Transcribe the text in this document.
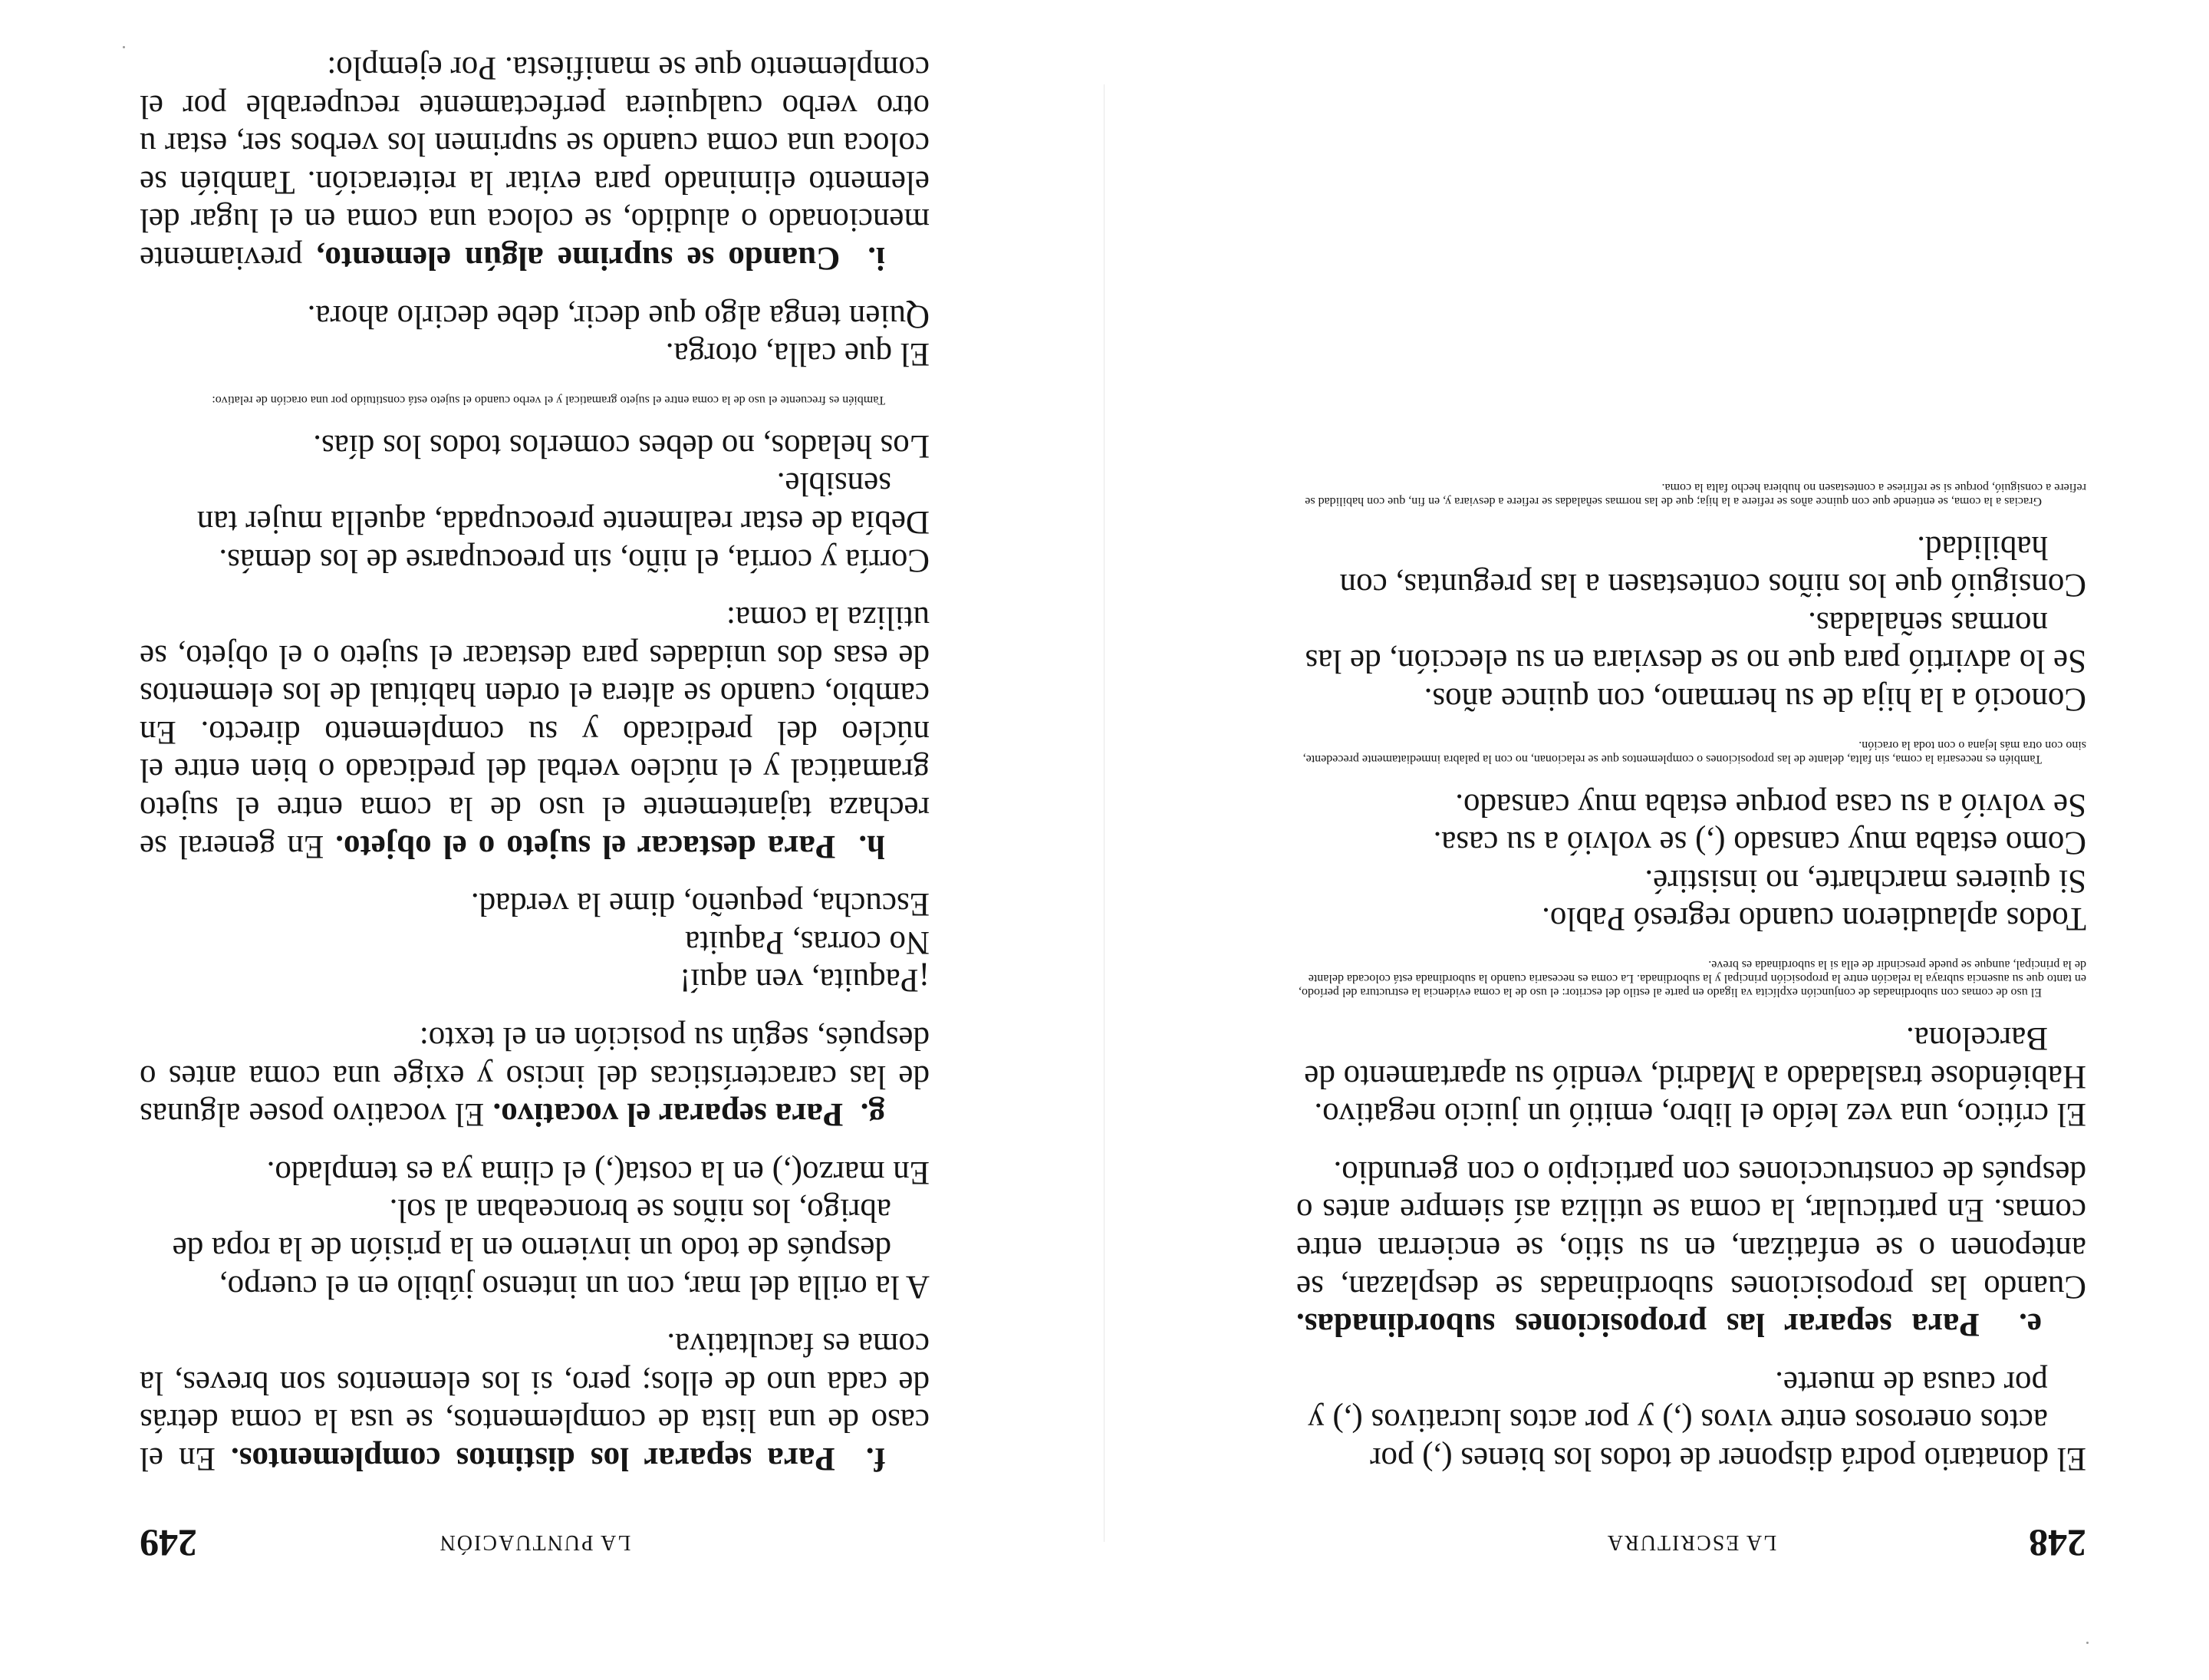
248
LA ESCRITURA
El donatario podrá disponer de todos los bienes (,) por actos onerosos entre vivos (,) y por actos lucrativos (,) y por causa de muerte.
e.  Para separar las proposiciones subordinadas. Cuando las proposiciones subordinadas se desplazan, se anteponen o se enfatizan, en su sitio, se encierran entre comas. En particular, la coma se utiliza así siempre antes o después de construcciones con participio o con gerundio.
El crítico, una vez leído el libro, emitió un juicio negativo.
Habiéndose trasladado a Madrid, vendió su apartamento de Barcelona.
El uso de comas con subordinadas de conjunción explícita va ligado en parte al estilo del escritor: el uso de la coma evidencia la estructura del período, en tanto que su ausencia subraya la relación entre la proposición principal y la subordinada. La coma es necesaria cuando la subordinada está colocada delante de la principal, aunque se puede prescindir de ella si la subordinada es breve.
Todos aplaudieron cuando regresó Pablo.
Si quieres marcharte, no insistiré.
Como estaba muy cansado (,) se volvió a su casa.
Se volvió a su casa porque estaba muy cansado.
También es necesaria la coma, sin falta, delante de las proposiciones o complementos que se relacionan, no con la palabra inmediatamente precedente, sino con otra más lejana o con toda la oración.
Conoció a la hija de su hermano, con quince años.
Se lo advirtió para que no se desviara en su elección, de las normas señaladas.
Consiguió que los niños contestasen a las preguntas, con habilidad.
Gracias a la coma, se entiende que con quince años se refiere a la hija; que de las normas señaladas se refiere a desviara y, en fin, que con habilidad se refiere a consiguió, porque si se refiriese a contestasen no hubiera hecho falta la coma.
LA PUNTUACIÓN
249
f.  Para separar los distintos complementos. En el caso de una lista de complementos, se usa la coma detrás de cada uno de ellos; pero, si los elementos son breves, la coma es facultativa.
A la orilla del mar, con un intenso júbilo en el cuerpo, después de todo un invierno en la prisión de la ropa de abrigo, los niños se bronceaban al sol.
En marzo(,) en la costa(,) el clima ya es templado.
g.  Para separar el vocativo. El vocativo posee algunas de las características del inciso y exige una coma antes o después, según su posición en el texto:
¡Paquita, ven aquí!
No corras, Paquita
Escucha, pequeño, dime la verdad.
h.  Para destacar el sujeto o el objeto. En general se rechaza tajantemente el uso de la coma entre el sujeto gramatical y el núcleo verbal del predicado o bien entre el núcleo del predicado y su complemento directo. En cambio, cuando se altera el orden habitual de los elementos de esas dos unidades para destacar el sujeto o el objeto, se utiliza la coma:
Corría y corría, el niño, sin preocuparse de los demás.
Debía de estar realmente preocupada, aquella mujer tan sensible.
Los helados, no debes comerlos todos los días.
También es frecuente el uso de la coma entre el sujeto gramatical y el verbo cuando el sujeto está constituido por una oración de relativo:
El que calla, otorga.
Quien tenga algo que decir, debe decirlo ahora.
i.  Cuando se suprime algún elemento, previamente mencionado o aludido, se coloca una coma en el lugar del elemento eliminado para evitar la reiteración. También se coloca una coma cuando se suprimen los verbos ser, estar u otro verbo cualquiera perfectamente recuperable por el complemento que se manifiesta. Por ejemplo:
